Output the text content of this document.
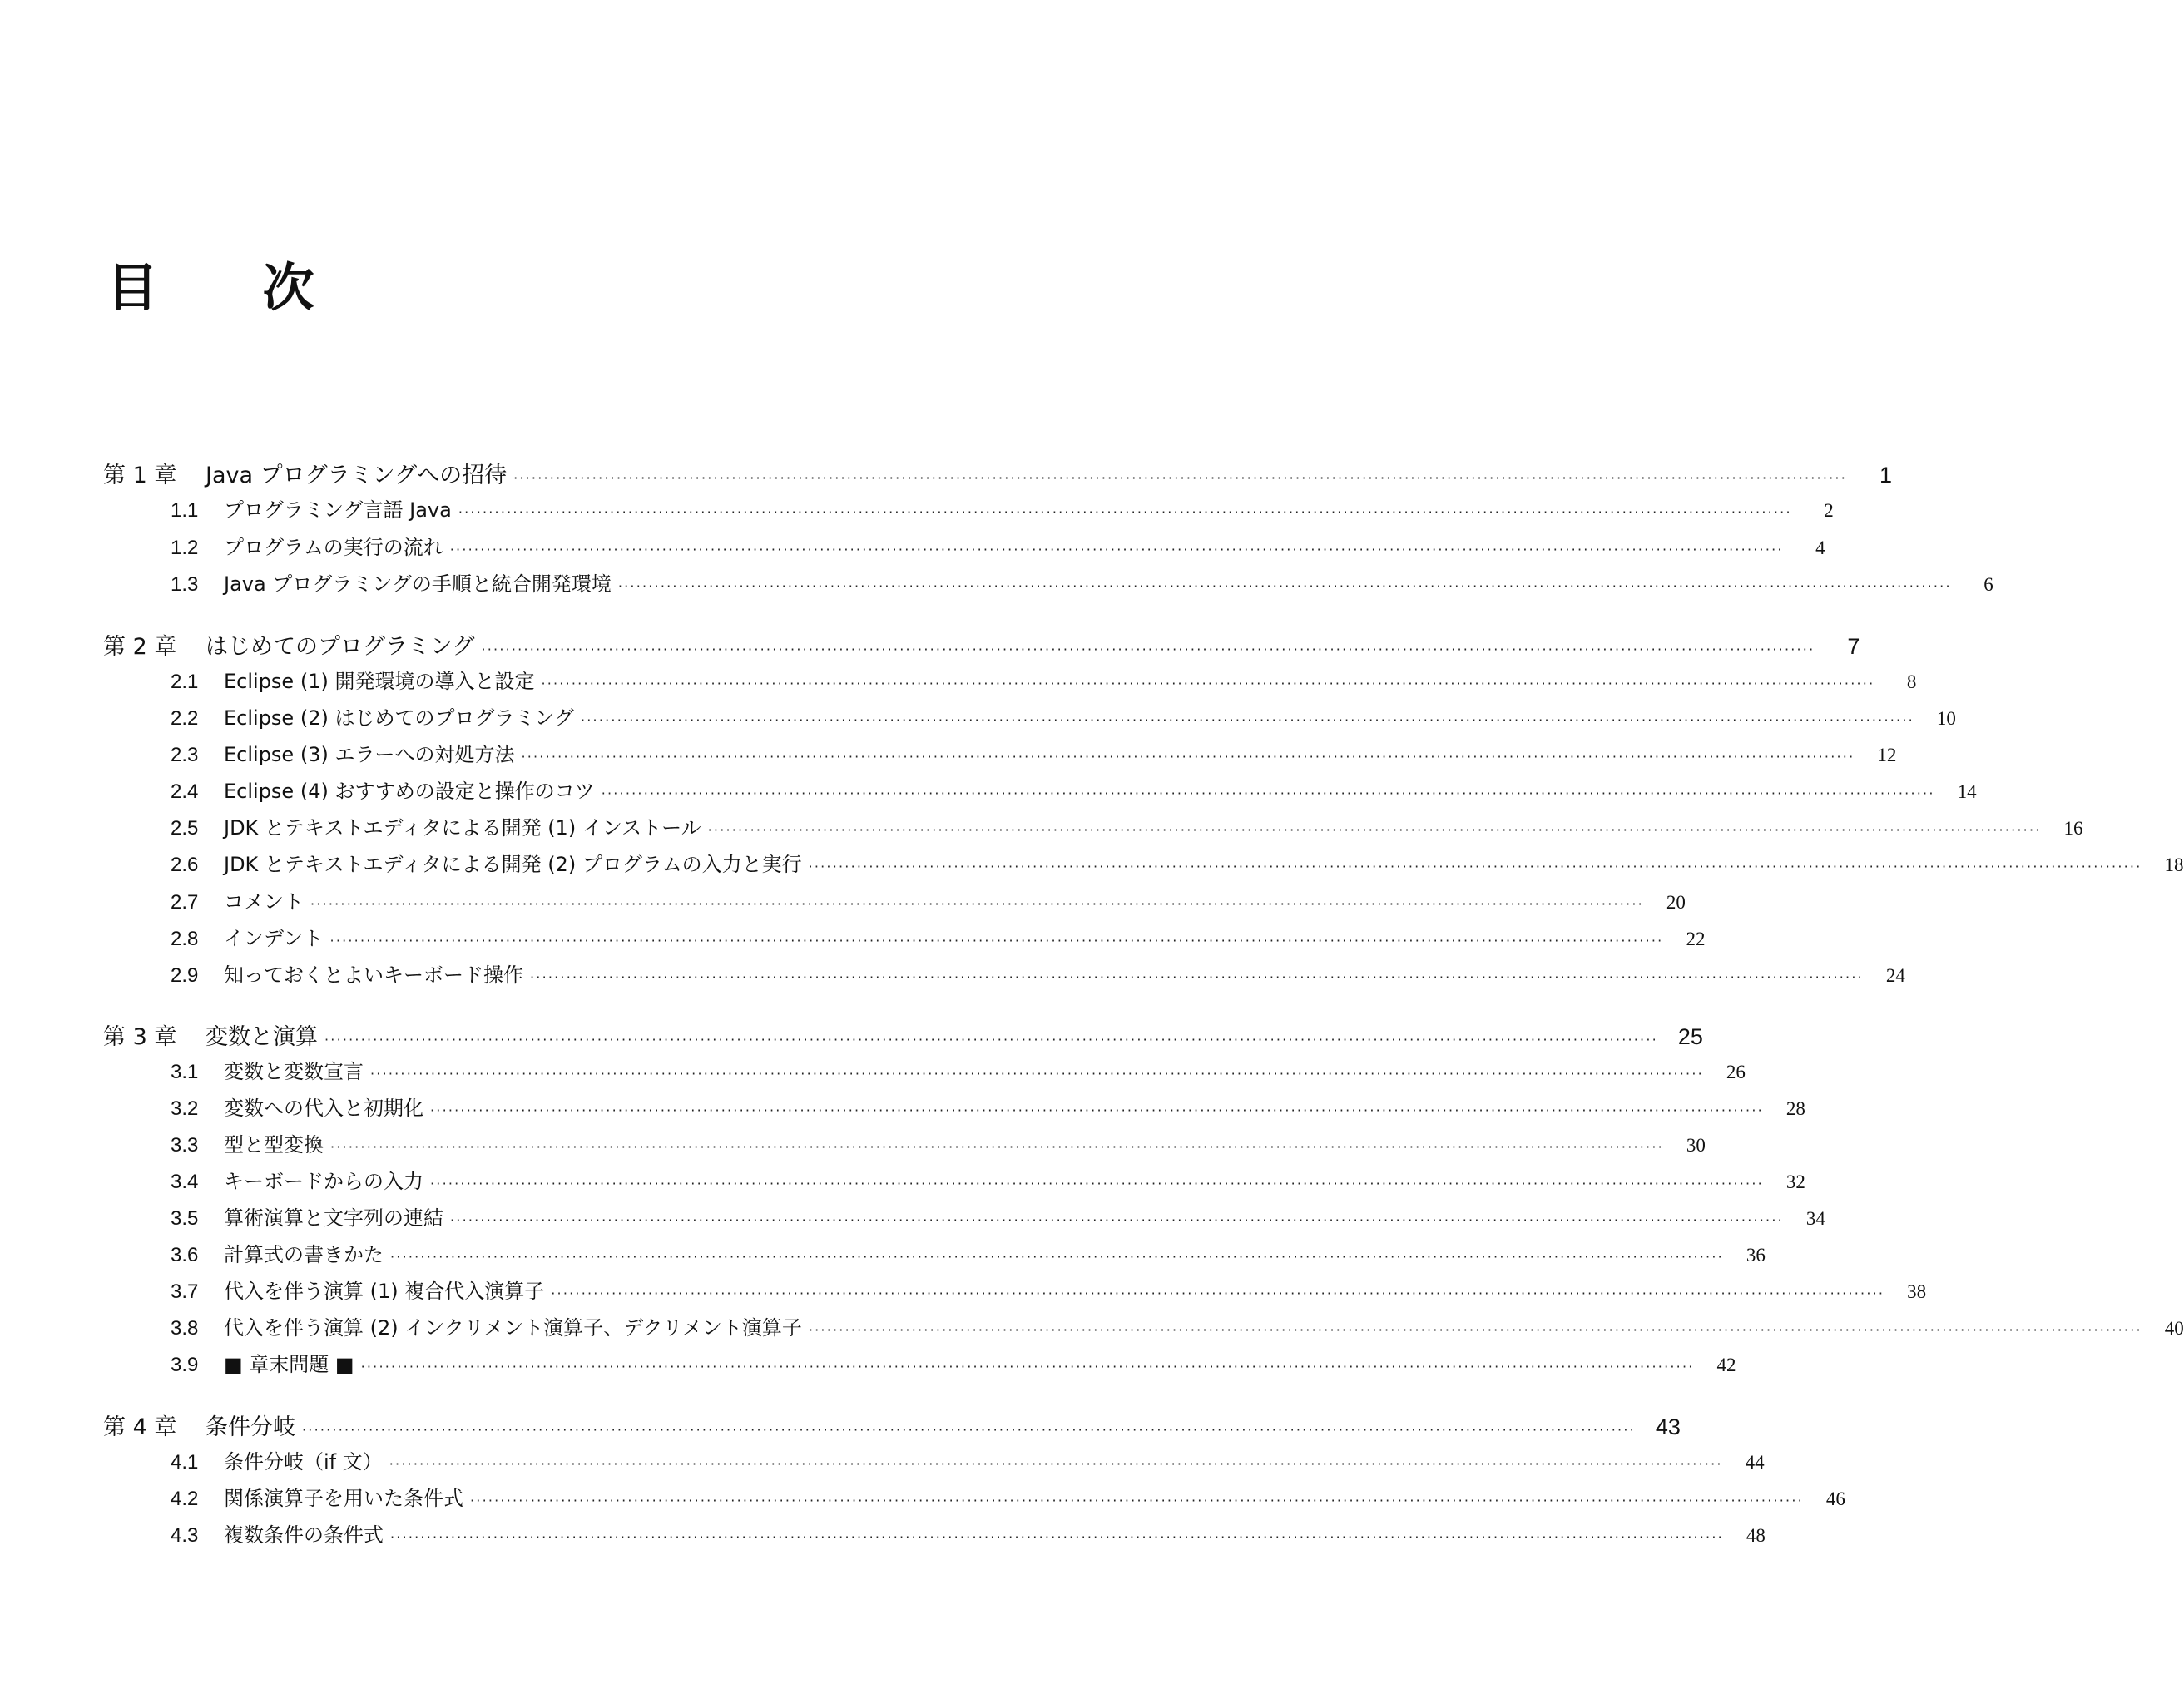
目 次
第 1 章	Java プログラミングへの招待 ····························································································································································································································	1
1.1	プログラミング言語 Java ····························································································································································································································	2
1.2	プログラムの実行の流れ ····························································································································································································································	4
1.3	Java プログラミングの手順と統合開発環境 ····························································································································································································································	6
第 2 章	はじめてのプログラミング ····························································································································································································································	7
2.1	Eclipse (1) 開発環境の導入と設定 ····························································································································································································································	8
2.2	Eclipse (2) はじめてのプログラミング ····························································································································································································································	10
2.3	Eclipse (3) エラーへの対処方法 ····························································································································································································································	12
2.4	Eclipse (4) おすすめの設定と操作のコツ ····························································································································································································································	14
2.5	JDK とテキストエディタによる開発 (1) インストール ····························································································································································································································	16
2.6	JDK とテキストエディタによる開発 (2) プログラムの入力と実行 ····························································································································································································································	18
2.7	コメント ····························································································································································································································	20
2.8	インデント ····························································································································································································································	22
2.9	知っておくとよいキーボード操作 ····························································································································································································································	24
第 3 章	変数と演算 ···························································································································································································································· 25
3.1	変数と変数宣言 ····························································································································································································································	26
3.2	変数への代入と初期化 ····························································································································································································································	28
3.3	型と型変換 ····························································································································································································································	30
3.4	キーボードからの入力 ····························································································································································································································	32
3.5	算術演算と文字列の連結 ····························································································································································································································	34
3.6	計算式の書きかた ····························································································································································································································	36
3.7	代入を伴う演算 (1) 複合代入演算子 ····························································································································································································································	38
3.8	代入を伴う演算 (2) インクリメント演算子、デクリメント演算子 ····························································································································································································································	40
3.9	■ 章末問題 ■ ····························································································································································································································	42
第 4 章	条件分岐 ···························································································································································································································· 43
4.1	条件分岐（if 文） ····························································································································································································································	44
4.2	関係演算子を用いた条件式 ····························································································································································································································	46
4.3	複数条件の条件式 ····························································································································································································································	48
